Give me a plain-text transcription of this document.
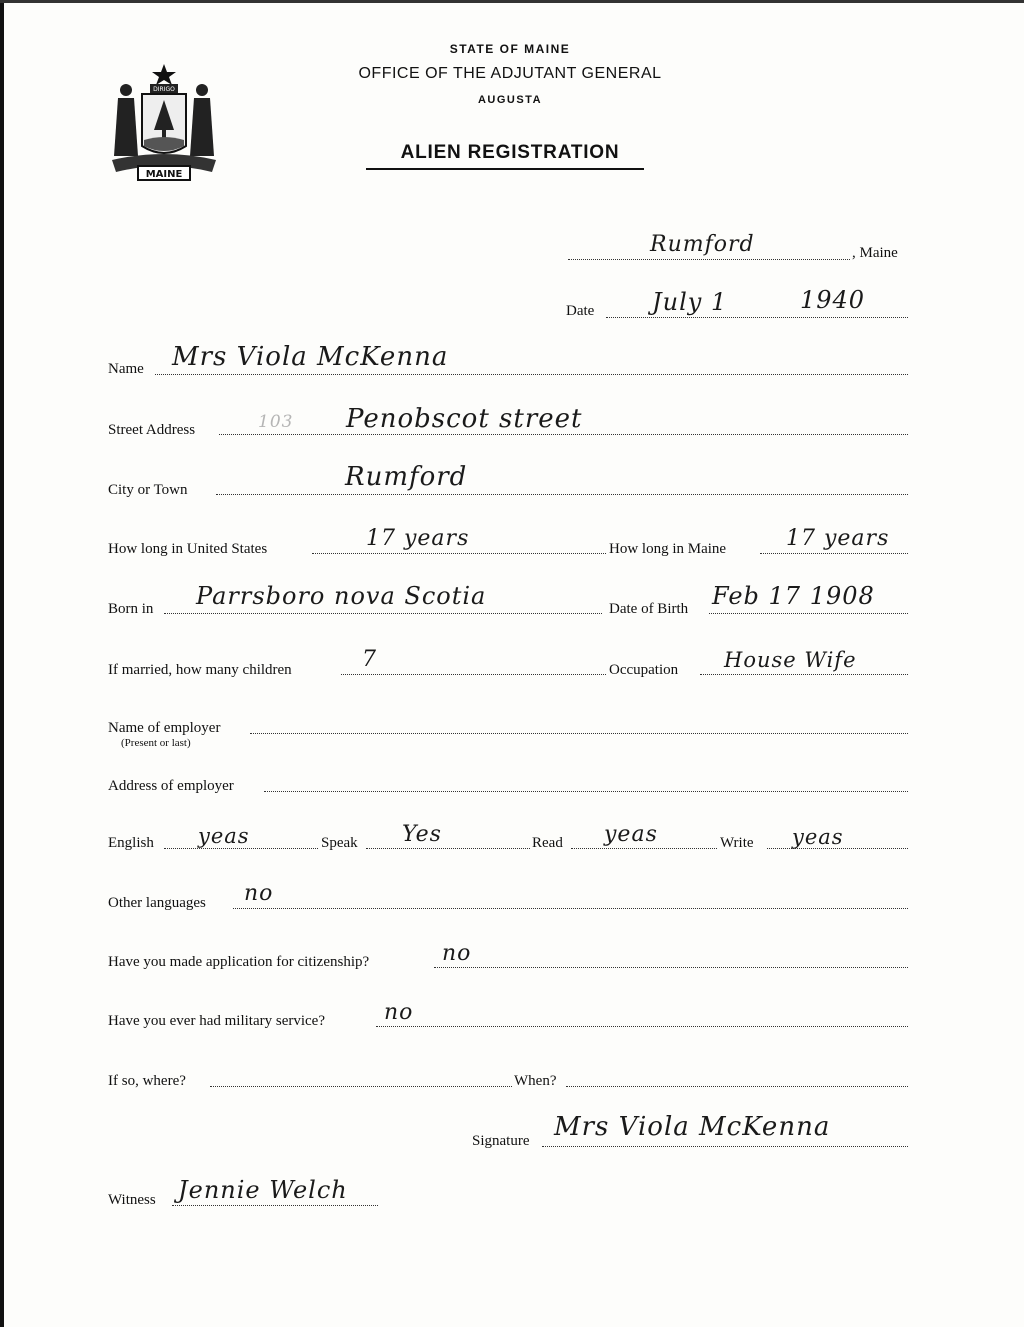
DIRIGO
MAINE
STATE OF MAINE
OFFICE OF THE ADJUTANT GENERAL
AUGUSTA
ALIEN REGISTRATION
Rumford	, Maine
Date July 1	1940
Name Mrs Viola McKenna
Street Address	103 Penobscot street
City or Town	Rumford
How long in United States	17 years	How long in Maine	17 years
Born in Parrsboro nova Scotia	Date of Birth Feb 17 1908
If married, how many children	7	Occupation House Wife
Name of employer
(Present or last)
Address of employer
English yeas	Speak Yes	Read yeas	Write yeas
Other languages no
Have you made application for citizenship?	no
Have you ever had military service?	no
If so, where?	When?
Signature Mrs Viola McKenna
Witness Jennie Welch
